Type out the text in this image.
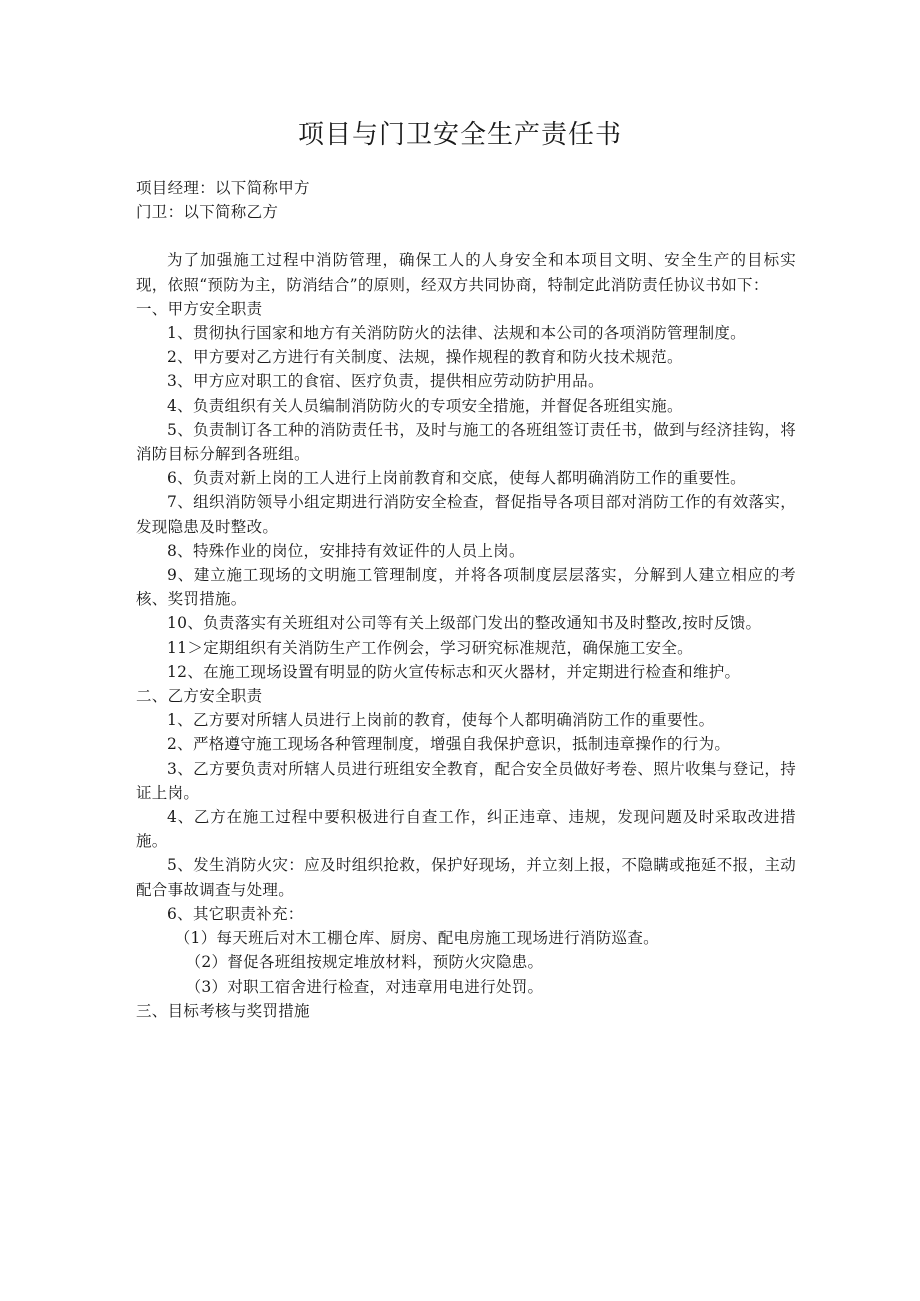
项目与门卫安全生产责任书
项目经理：以下简称甲方
门卫：以下简称乙方
为了加强施工过程中消防管理，确保工人的人身安全和本项目文明、安全生产的目标实现，依照“预防为主，防消结合”的原则，经双方共同协商，特制定此消防责任协议书如下：
一、甲方安全职责
1、贯彻执行国家和地方有关消防防火的法律、法规和本公司的各项消防管理制度。
2、甲方要对乙方进行有关制度、法规，操作规程的教育和防火技术规范。
3、甲方应对职工的食宿、医疗负责，提供相应劳动防护用品。
4、负责组织有关人员编制消防防火的专项安全措施，并督促各班组实施。
5、负责制订各工种的消防责任书，及时与施工的各班组签订责任书，做到与经济挂钩，将消防目标分解到各班组。
6、负责对新上岗的工人进行上岗前教育和交底，使每人都明确消防工作的重要性。
7、组织消防领导小组定期进行消防安全检查，督促指导各项目部对消防工作的有效落实，发现隐患及时整改。
8、特殊作业的岗位，安排持有效证件的人员上岗。
9、建立施工现场的文明施工管理制度，并将各项制度层层落实，分解到人建立相应的考核、奖罚措施。
10、负责落实有关班组对公司等有关上级部门发出的整改通知书及时整改,按时反馈。
11＞定期组织有关消防生产工作例会，学习研究标准规范，确保施工安全。
12、在施工现场设置有明显的防火宣传标志和灭火器材，并定期进行检查和维护。
二、乙方安全职责
1、乙方要对所辖人员进行上岗前的教育，使每个人都明确消防工作的重要性。
2、严格遵守施工现场各种管理制度，增强自我保护意识，抵制违章操作的行为。
3、乙方要负责对所辖人员进行班组安全教育，配合安全员做好考卷、照片收集与登记，持证上岗。
4、乙方在施工过程中要积极进行自查工作，纠正违章、违规，发现问题及时采取改进措施。
5、发生消防火灾：应及时组织抢救，保护好现场，并立刻上报，不隐瞒或拖延不报，主动配合事故调查与处理。
6、其它职责补充：
（1）每天班后对木工棚仓库、厨房、配电房施工现场进行消防巡查。
（2）督促各班组按规定堆放材料，预防火灾隐患。
（3）对职工宿舍进行检查，对违章用电进行处罚。
三、目标考核与奖罚措施
